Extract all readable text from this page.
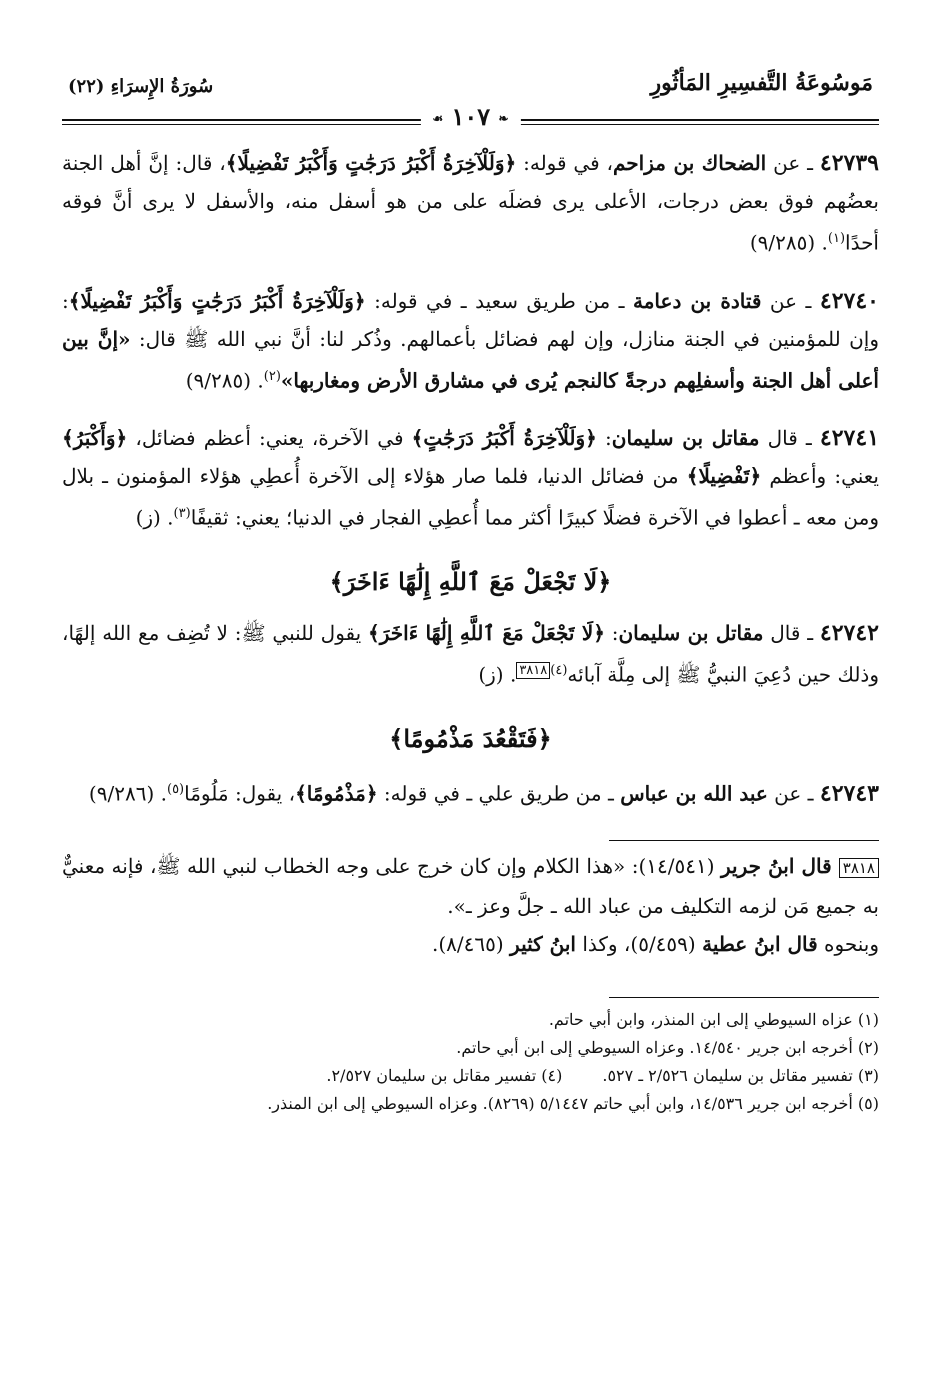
مَوسُوعَةُ التَّفسِيرِ المَأثُورِ
سُورَةُ الإِسرَاءِ (٢٢)
❧ ١٠٧ ☙

٤٢٧٣٩ ـ عن الضحاك بن مزاحم، في قوله: ﴿وَلَلْآخِرَةُ أَكْبَرُ دَرَجَٰتٍ وَأَكْبَرُ تَفْضِيلًا﴾، قال: إنَّ أهل الجنة بعضُهم فوق بعض درجات، الأعلى يرى فضلَه على من هو أسفل منه، والأسفل لا يرى أنَّ فوقه أحدًا$^{(١)}$. (٩/٢٨٥)

٤٢٧٤٠ ـ عن قتادة بن دعامة ـ من طريق سعيد ـ في قوله: ﴿وَلَلْآخِرَةُ أَكْبَرُ دَرَجَٰتٍ وَأَكْبَرُ تَفْضِيلًا﴾: وإن للمؤمنين في الجنة منازل، وإن لهم فضائل بأعمالهم. وذُكر لنا: أنَّ نبي الله ﷺ قال: «إنَّ بين أعلى أهل الجنة وأسفلِهم درجةً كالنجم يُرى في مشارق الأرض ومغاربها»$^{(٢)}$. (٩/٢٨٥)

٤٢٧٤١ ـ قال مقاتل بن سليمان: ﴿وَلَلْآخِرَةُ أَكْبَرُ دَرَجَٰتٍ﴾ في الآخرة، يعني: أعظم فضائل، ﴿وَأَكْبَرُ﴾ يعني: وأعظم ﴿تَفْضِيلًا﴾ من فضائل الدنيا، فلما صار هؤلاء إلى الآخرة أُعطِي هؤلاء المؤمنون ـ بلال ومن معه ـ أعطوا في الآخرة فضلًا كبيرًا أكثر مما أُعطِي الفجار في الدنيا؛ يعني: ثقيفًا$^{(٣)}$. (ز)

﴿لَا تَجْعَلْ مَعَ ٱللَّهِ إِلَٰهًا ءَاخَرَ﴾

٤٢٧٤٢ ـ قال مقاتل بن سليمان: ﴿لَا تَجْعَلْ مَعَ ٱللَّهِ إِلَٰهًا ءَاخَرَ﴾ يقول للنبي ﷺ: لا تُضِف مع الله إلهًا، وذلك حين دُعِيَ النبيُّ ﷺ إلى مِلَّة آبائه$^{(٤)٣٨١٨}$. (ز)

﴿فَتَقْعُدَ مَذْمُومًا﴾

٤٢٧٤٣ ـ عن عبد الله بن عباس ـ من طريق علي ـ في قوله: ﴿مَذْمُومًا﴾، يقول: مَلُومًا$^{(٥)}$. (٩/٢٨٦)

٣٨١٨ قال ابنُ جرير (١٤/٥٤١): «هذا الكلام وإن كان خرج على وجه الخطاب لنبي الله ﷺ، فإنه معنيٌّ به جميع مَن لزمه التكليف من عباد الله ـ جلَّ وعز ـ».
وبنحوه قال ابنُ عطية (٥/٤٥٩)، وكذا ابنُ كثير (٨/٤٦٥).
(١) عزاه السيوطي إلى ابن المنذر، وابن أبي حاتم.
(٢) أخرجه ابن جرير ١٤/٥٤٠. وعزاه السيوطي إلى ابن أبي حاتم.
(٣) تفسير مقاتل بن سليمان ٢/٥٢٦ ـ ٥٢٧.
(٤) تفسير مقاتل بن سليمان ٢/٥٢٧.
(٥) أخرجه ابن جرير ١٤/٥٣٦، وابن أبي حاتم ٥/١٤٤٧ (٨٢٦٩). وعزاه السيوطي إلى ابن المنذر.
